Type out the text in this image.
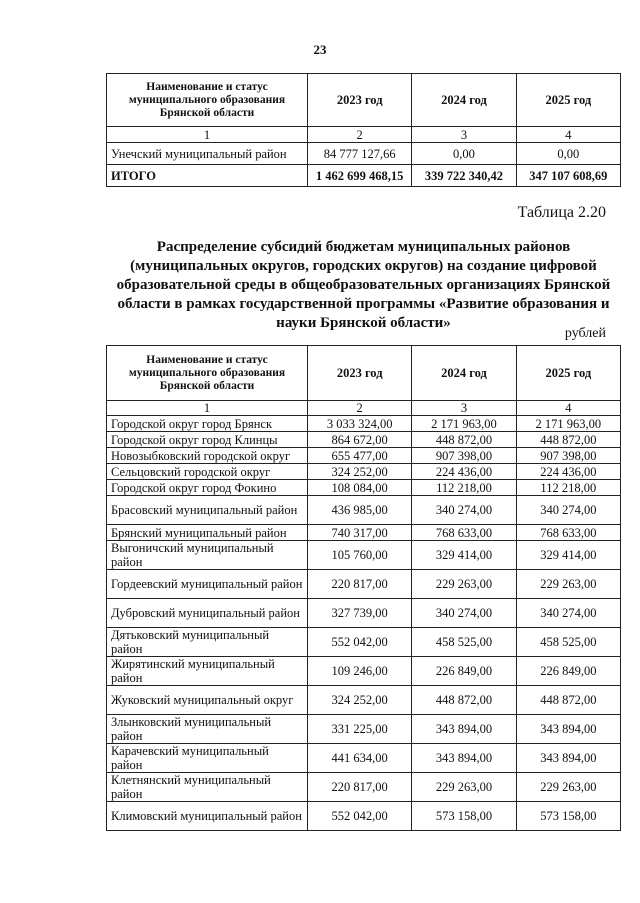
23
Наименование и статус муниципального образования Брянской области	2023 год	2024 год	2025 год
1	2	3	4
Унечский муниципальный район	84 777 127,66	0,00	0,00
ИТОГО	1 462 699 468,15	339 722 340,42	347 107 608,69
Таблица 2.20
Распределение субсидий бюджетам муниципальных районов (муниципальных округов, городских округов) на создание цифровой образовательной среды в общеобразовательных организациях Брянской области в рамках государственной программы «Развитие образования и науки Брянской области»
рублей
Наименование и статус муниципального образования Брянской области	2023 год	2024 год	2025 год
1	2	3	4
Городской округ город Брянск	3 033 324,00	2 171 963,00	2 171 963,00
Городской округ город Клинцы	864 672,00	448 872,00	448 872,00
Новозыбковский городской округ	655 477,00	907 398,00	907 398,00
Сельцовский городской округ	324 252,00	224 436,00	224 436,00
Городской округ город Фокино	108 084,00	112 218,00	112 218,00
Брасовский муниципальный район	436 985,00	340 274,00	340 274,00
Брянский муниципальный район	740 317,00	768 633,00	768 633,00
Выгоничский муниципальный район	105 760,00	329 414,00	329 414,00
Гордеевский муниципальный район	220 817,00	229 263,00	229 263,00
Дубровский муниципальный район	327 739,00	340 274,00	340 274,00
Дятьковский муниципальный район	552 042,00	458 525,00	458 525,00
Жирятинский муниципальный район	109 246,00	226 849,00	226 849,00
Жуковский муниципальный округ	324 252,00	448 872,00	448 872,00
Злынковский муниципальный район	331 225,00	343 894,00	343 894,00
Карачевский муниципальный район	441 634,00	343 894,00	343 894,00
Клетнянский муниципальный район	220 817,00	229 263,00	229 263,00
Климовский муниципальный район	552 042,00	573 158,00	573 158,00
